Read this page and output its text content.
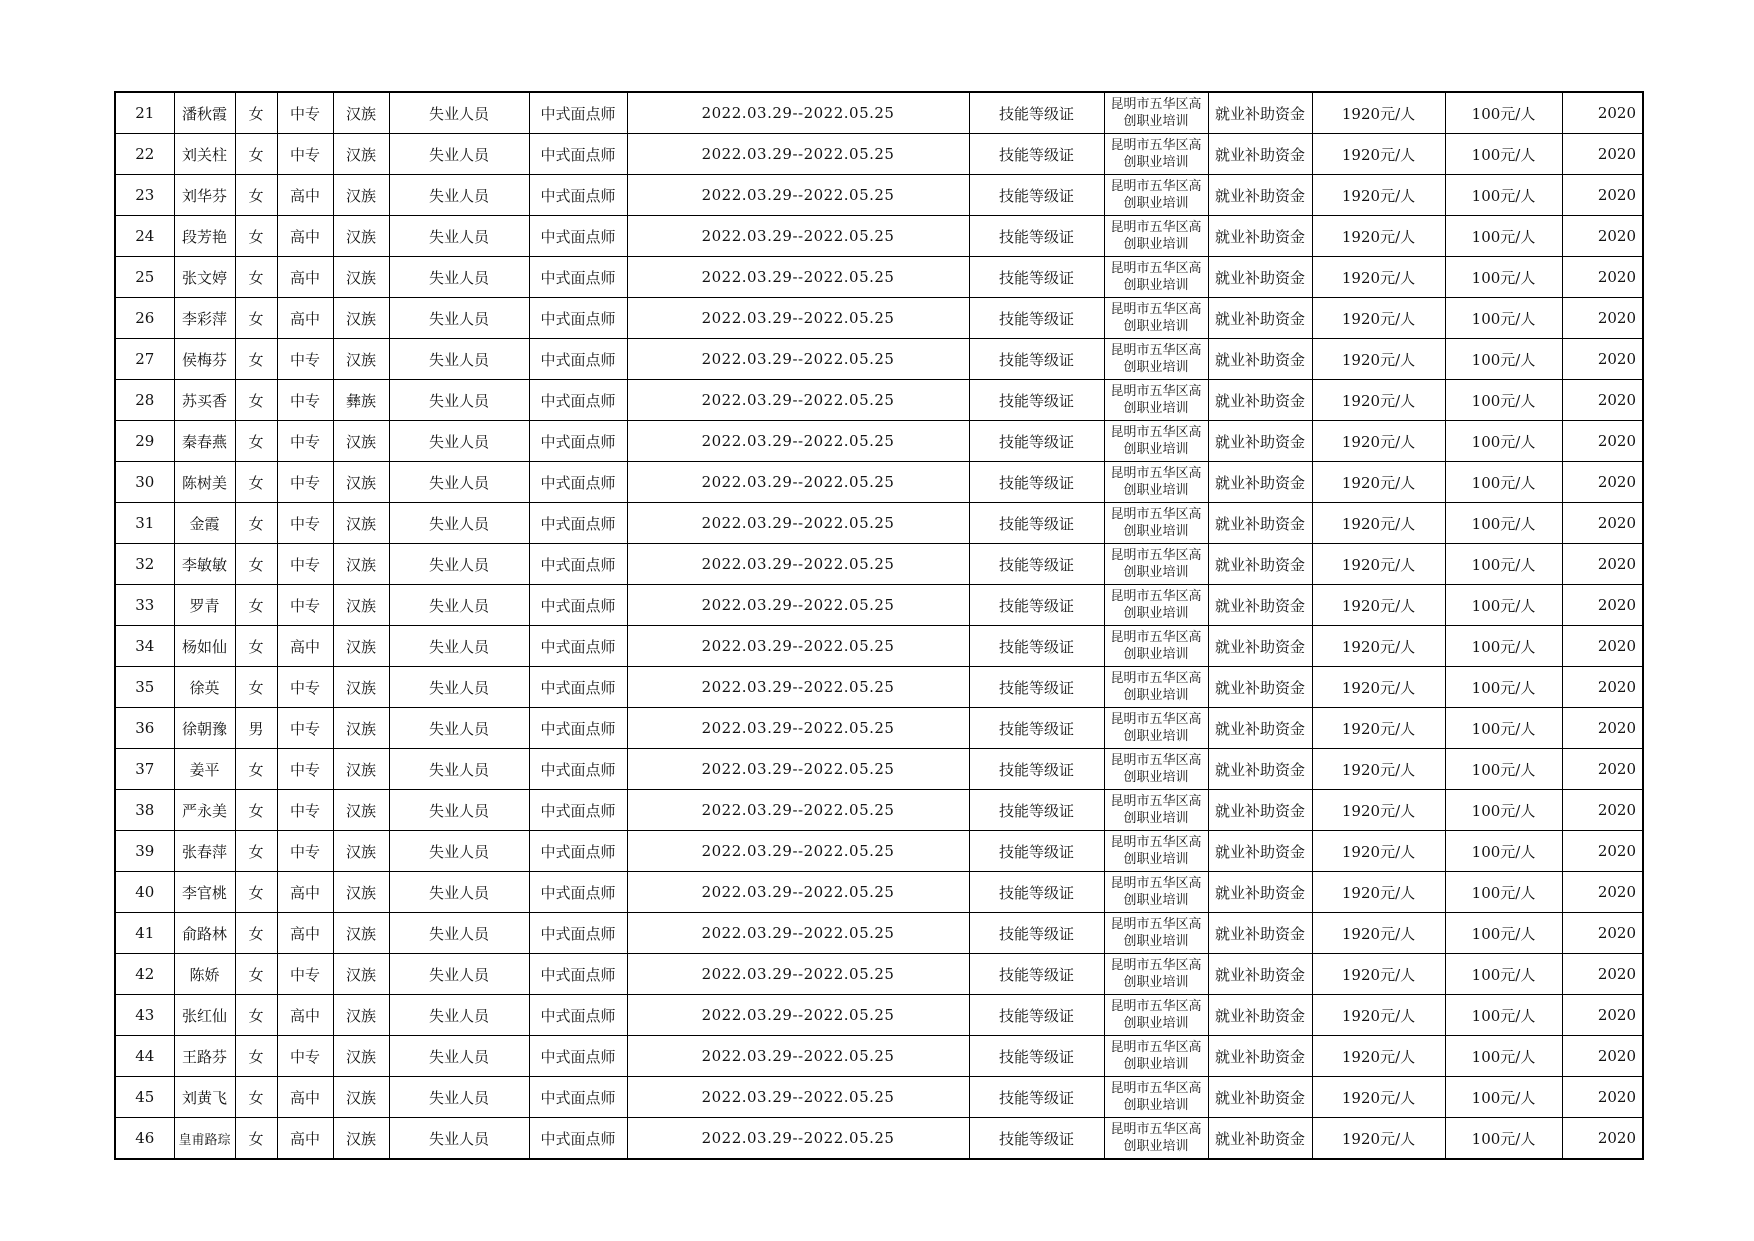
21	潘秋霞	女	中专	汉族	失业人员	中式面点师	2022.03.29--2022.05.25	技能等级证	昆明市五华区高创职业培训	就业补助资金	1920元/人	100元/人	2020
22	刘关柱	女	中专	汉族	失业人员	中式面点师	2022.03.29--2022.05.25	技能等级证	昆明市五华区高创职业培训	就业补助资金	1920元/人	100元/人	2020
23	刘华芬	女	高中	汉族	失业人员	中式面点师	2022.03.29--2022.05.25	技能等级证	昆明市五华区高创职业培训	就业补助资金	1920元/人	100元/人	2020
24	段芳艳	女	高中	汉族	失业人员	中式面点师	2022.03.29--2022.05.25	技能等级证	昆明市五华区高创职业培训	就业补助资金	1920元/人	100元/人	2020
25	张文婷	女	高中	汉族	失业人员	中式面点师	2022.03.29--2022.05.25	技能等级证	昆明市五华区高创职业培训	就业补助资金	1920元/人	100元/人	2020
26	李彩萍	女	高中	汉族	失业人员	中式面点师	2022.03.29--2022.05.25	技能等级证	昆明市五华区高创职业培训	就业补助资金	1920元/人	100元/人	2020
27	侯梅芬	女	中专	汉族	失业人员	中式面点师	2022.03.29--2022.05.25	技能等级证	昆明市五华区高创职业培训	就业补助资金	1920元/人	100元/人	2020
28	苏买香	女	中专	彝族	失业人员	中式面点师	2022.03.29--2022.05.25	技能等级证	昆明市五华区高创职业培训	就业补助资金	1920元/人	100元/人	2020
29	秦春燕	女	中专	汉族	失业人员	中式面点师	2022.03.29--2022.05.25	技能等级证	昆明市五华区高创职业培训	就业补助资金	1920元/人	100元/人	2020
30	陈树美	女	中专	汉族	失业人员	中式面点师	2022.03.29--2022.05.25	技能等级证	昆明市五华区高创职业培训	就业补助资金	1920元/人	100元/人	2020
31	金霞	女	中专	汉族	失业人员	中式面点师	2022.03.29--2022.05.25	技能等级证	昆明市五华区高创职业培训	就业补助资金	1920元/人	100元/人	2020
32	李敏敏	女	中专	汉族	失业人员	中式面点师	2022.03.29--2022.05.25	技能等级证	昆明市五华区高创职业培训	就业补助资金	1920元/人	100元/人	2020
33	罗青	女	中专	汉族	失业人员	中式面点师	2022.03.29--2022.05.25	技能等级证	昆明市五华区高创职业培训	就业补助资金	1920元/人	100元/人	2020
34	杨如仙	女	高中	汉族	失业人员	中式面点师	2022.03.29--2022.05.25	技能等级证	昆明市五华区高创职业培训	就业补助资金	1920元/人	100元/人	2020
35	徐英	女	中专	汉族	失业人员	中式面点师	2022.03.29--2022.05.25	技能等级证	昆明市五华区高创职业培训	就业补助资金	1920元/人	100元/人	2020
36	徐朝豫	男	中专	汉族	失业人员	中式面点师	2022.03.29--2022.05.25	技能等级证	昆明市五华区高创职业培训	就业补助资金	1920元/人	100元/人	2020
37	姜平	女	中专	汉族	失业人员	中式面点师	2022.03.29--2022.05.25	技能等级证	昆明市五华区高创职业培训	就业补助资金	1920元/人	100元/人	2020
38	严永美	女	中专	汉族	失业人员	中式面点师	2022.03.29--2022.05.25	技能等级证	昆明市五华区高创职业培训	就业补助资金	1920元/人	100元/人	2020
39	张春萍	女	中专	汉族	失业人员	中式面点师	2022.03.29--2022.05.25	技能等级证	昆明市五华区高创职业培训	就业补助资金	1920元/人	100元/人	2020
40	李官桃	女	高中	汉族	失业人员	中式面点师	2022.03.29--2022.05.25	技能等级证	昆明市五华区高创职业培训	就业补助资金	1920元/人	100元/人	2020
41	俞路林	女	高中	汉族	失业人员	中式面点师	2022.03.29--2022.05.25	技能等级证	昆明市五华区高创职业培训	就业补助资金	1920元/人	100元/人	2020
42	陈娇	女	中专	汉族	失业人员	中式面点师	2022.03.29--2022.05.25	技能等级证	昆明市五华区高创职业培训	就业补助资金	1920元/人	100元/人	2020
43	张红仙	女	高中	汉族	失业人员	中式面点师	2022.03.29--2022.05.25	技能等级证	昆明市五华区高创职业培训	就业补助资金	1920元/人	100元/人	2020
44	王路芬	女	中专	汉族	失业人员	中式面点师	2022.03.29--2022.05.25	技能等级证	昆明市五华区高创职业培训	就业补助资金	1920元/人	100元/人	2020
45	刘黄飞	女	高中	汉族	失业人员	中式面点师	2022.03.29--2022.05.25	技能等级证	昆明市五华区高创职业培训	就业补助资金	1920元/人	100元/人	2020
46	皇甫路琮	女	高中	汉族	失业人员	中式面点师	2022.03.29--2022.05.25	技能等级证	昆明市五华区高创职业培训	就业补助资金	1920元/人	100元/人	2020
